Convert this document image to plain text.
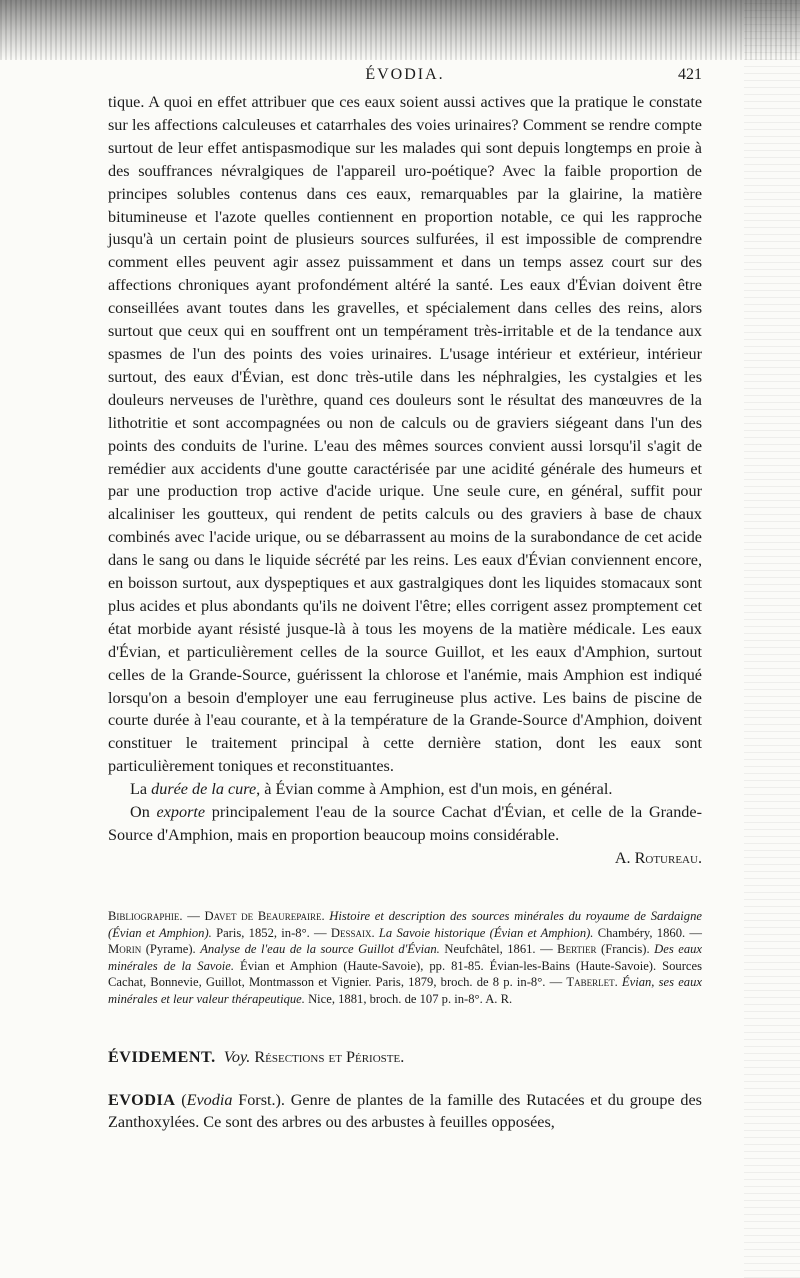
ÉVODIA.	421

tique. A quoi en effet attribuer que ces eaux soient aussi actives que la pratique le constate sur les affections calculeuses et catarrhales des voies urinaires? Comment se rendre compte surtout de leur effet antispasmodique sur les malades qui sont depuis longtemps en proie à des souffrances névralgiques de l'appareil uro-poétique? Avec la faible proportion de principes solubles contenus dans ces eaux, remarquables par la glairine, la matière bitumineuse et l'azote quelles contiennent en proportion notable, ce qui les rapproche jusqu'à un certain point de plusieurs sources sulfurées, il est impossible de comprendre comment elles peuvent agir assez puissamment et dans un temps assez court sur des affections chroniques ayant profondément altéré la santé. Les eaux d'Évian doivent être conseillées avant toutes dans les gravelles, et spécialement dans celles des reins, alors surtout que ceux qui en souffrent ont un tempérament très-irritable et de la tendance aux spasmes de l'un des points des voies urinaires. L'usage intérieur et extérieur, intérieur surtout, des eaux d'Évian, est donc très-utile dans les néphralgies, les cystalgies et les douleurs nerveuses de l'urèthre, quand ces douleurs sont le résultat des manœuvres de la lithotritie et sont accompagnées ou non de calculs ou de graviers siégeant dans l'un des points des conduits de l'urine. L'eau des mêmes sources convient aussi lorsqu'il s'agit de remédier aux accidents d'une goutte caractérisée par une acidité générale des humeurs et par une production trop active d'acide urique. Une seule cure, en général, suffit pour alcaliniser les goutteux, qui rendent de petits calculs ou des graviers à base de chaux combinés avec l'acide urique, ou se débarrassent au moins de la surabondance de cet acide dans le sang ou dans le liquide sécrété par les reins. Les eaux d'Évian conviennent encore, en boisson surtout, aux dyspeptiques et aux gastralgiques dont les liquides stomacaux sont plus acides et plus abondants qu'ils ne doivent l'être; elles corrigent assez promptement cet état morbide ayant résisté jusque-là à tous les moyens de la matière médicale. Les eaux d'Évian, et particulièrement celles de la source Guillot, et les eaux d'Amphion, surtout celles de la Grande-Source, guérissent la chlorose et l'anémie, mais Amphion est indiqué lorsqu'on a besoin d'employer une eau ferrugineuse plus active. Les bains de piscine de courte durée à l'eau courante, et à la température de la Grande-Source d'Amphion, doivent constituer le traitement principal à cette dernière station, dont les eaux sont particulièrement toniques et reconstituantes.

La durée de la cure, à Évian comme à Amphion, est d'un mois, en général.

On exporte principalement l'eau de la source Cachat d'Évian, et celle de la Grande-Source d'Amphion, mais en proportion beaucoup moins considérable.
A. Rotureau.

Bibliographie. — Davet de Beaurepaire. Histoire et description des sources minérales du royaume de Sardaigne (Évian et Amphion). Paris, 1852, in-8°. — Dessaix. La Savoie historique (Évian et Amphion). Chambéry, 1860. — Morin (Pyrame). Analyse de l'eau de la source Guillot d'Évian. Neufchâtel, 1861. — Bertier (Francis). Des eaux minérales de la Savoie. Évian et Amphion (Haute-Savoie), pp. 81-85. Évian-les-Bains (Haute-Savoie). Sources Cachat, Bonnevie, Guillot, Montmasson et Vignier. Paris, 1879, broch. de 8 p. in-8°. — Taberlet. Évian, ses eaux minérales et leur valeur thérapeutique. Nice, 1881, broch. de 107 p. in-8°. A. R.

ÉVIDEMENT. Voy. Résections et Périoste.

EVODIA (Evodia Forst.). Genre de plantes de la famille des Rutacées et du groupe des Zanthoxylées. Ce sont des arbres ou des arbustes à feuilles opposées,
